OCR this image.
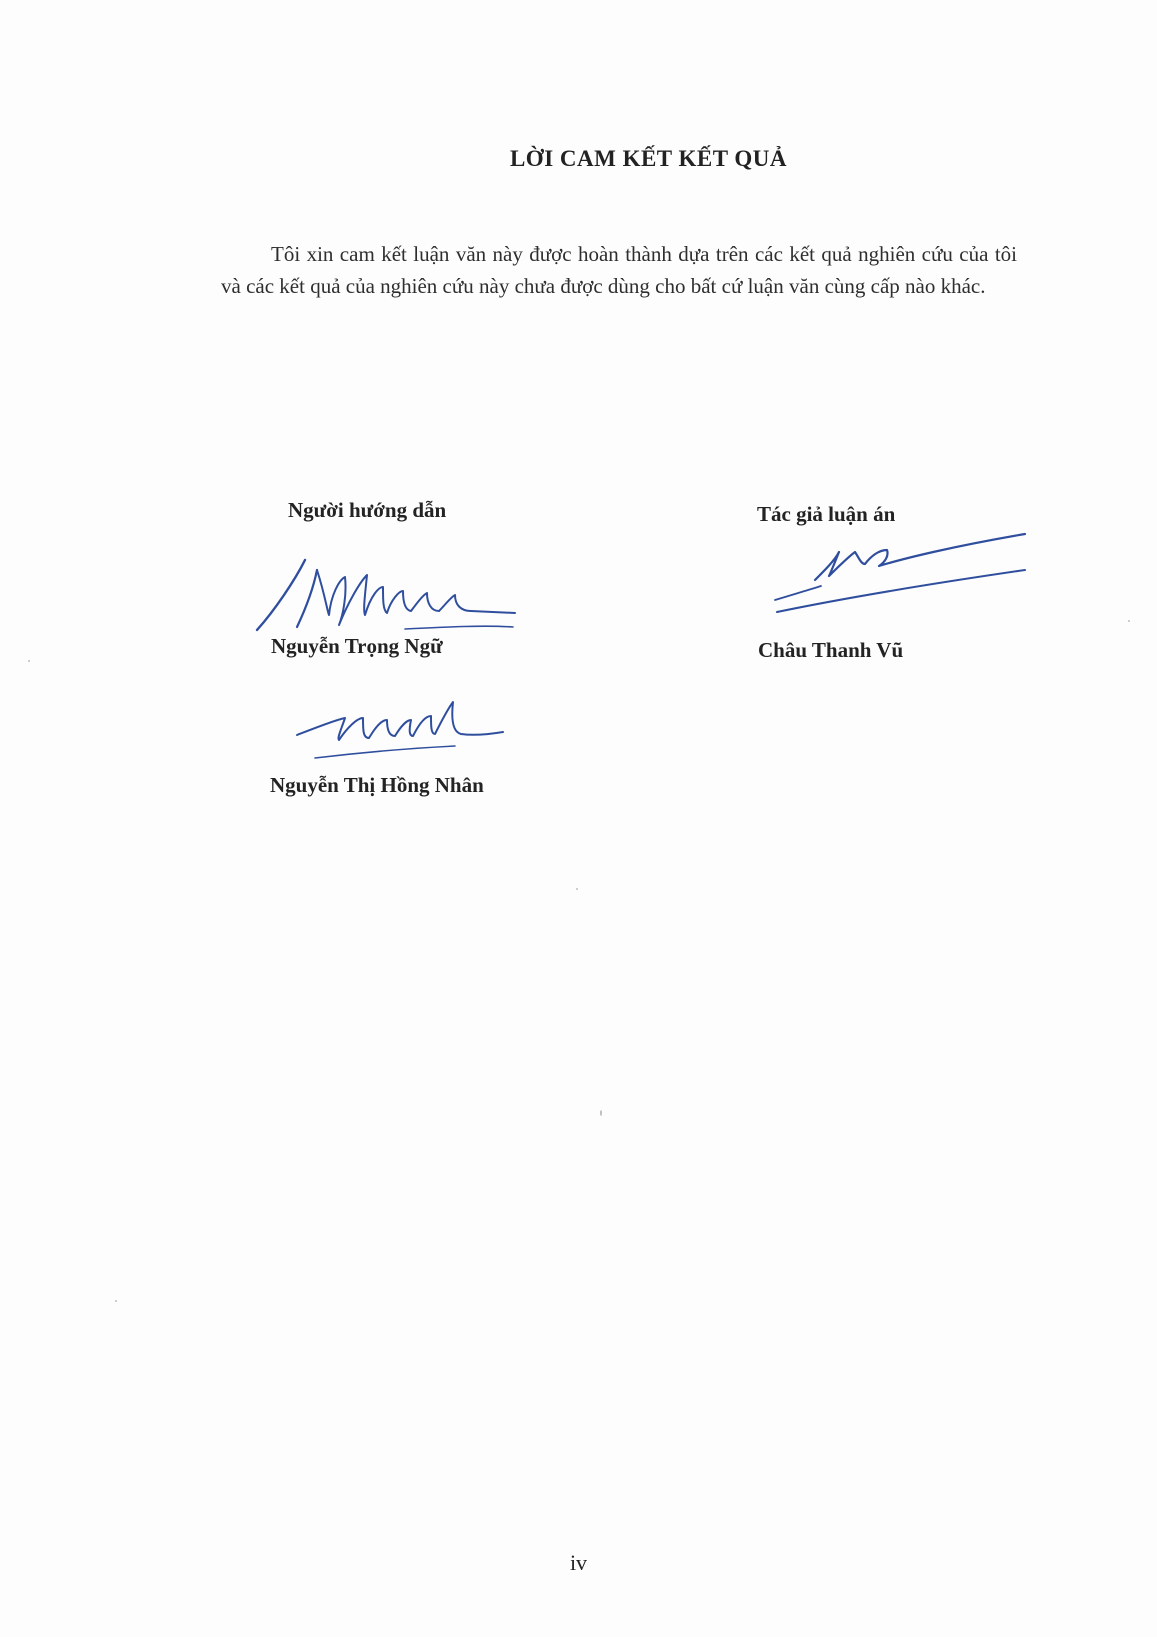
LỜI CAM KẾT KẾT QUẢ

Tôi xin cam kết luận văn này được hoàn thành dựa trên các kết quả nghiên cứu của tôi và các kết quả của nghiên cứu này chưa được dùng cho bất cứ luận văn cùng cấp nào khác.

Người hướng dẫn
Nguyễn Trọng Ngữ
Nguyễn Thị Hồng Nhân
Tác giả luận án
Châu Thanh Vũ
iv
